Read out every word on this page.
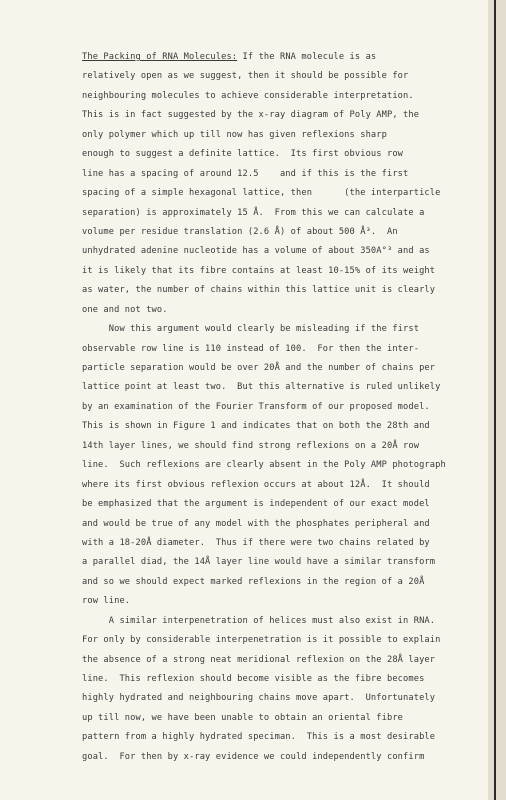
The Packing of RNA Molecules: If the RNA molecule is as
relatively open as we suggest, then it should be possible for
neighbouring molecules to achieve considerable interpretation.
This is in fact suggested by the x-ray diagram of Poly AMP, the
only polymer which up till now has given reflexions sharp
enough to suggest a definite lattice.  Its first obvious row
line has a spacing of around 12.5    and if this is the first
spacing of a simple hexagonal lattice, then      (the interparticle
separation) is approximately 15 Å.  From this we can calculate a
volume per residue translation (2.6 Å) of about 500 Å³.  An
unhydrated adenine nucleotide has a volume of about 350A°³ and as
it is likely that its fibre contains at least 10-15% of its weight
as water, the number of chains within this lattice unit is clearly
one and not two.
Now this argument would clearly be misleading if the first
observable row line is 110 instead of 100.  For then the inter-
particle separation would be over 20Å and the number of chains per
lattice point at least two.  But this alternative is ruled unlikely
by an examination of the Fourier Transform of our proposed model.
This is shown in Figure 1 and indicates that on both the 28th and
14th layer lines, we should find strong reflexions on a 20Å row
line.  Such reflexions are clearly absent in the Poly AMP photograph
where its first obvious reflexion occurs at about 12Å.  It should
be emphasized that the argument is independent of our exact model
and would be true of any model with the phosphates peripheral and
with a 18-20Å diameter.  Thus if there were two chains related by
a parallel diad, the 14Å layer line would have a similar transform
and so we should expect marked reflexions in the region of a 20Å
row line.
A similar interpenetration of helices must also exist in RNA.
For only by considerable interpenetration is it possible to explain
the absence of a strong neat meridional reflexion on the 28Å layer
line.  This reflexion should become visible as the fibre becomes
highly hydrated and neighbouring chains move apart.  Unfortunately
up till now, we have been unable to obtain an oriental fibre
pattern from a highly hydrated speciman.  This is a most desirable
goal.  For then by x-ray evidence we could independently confirm
